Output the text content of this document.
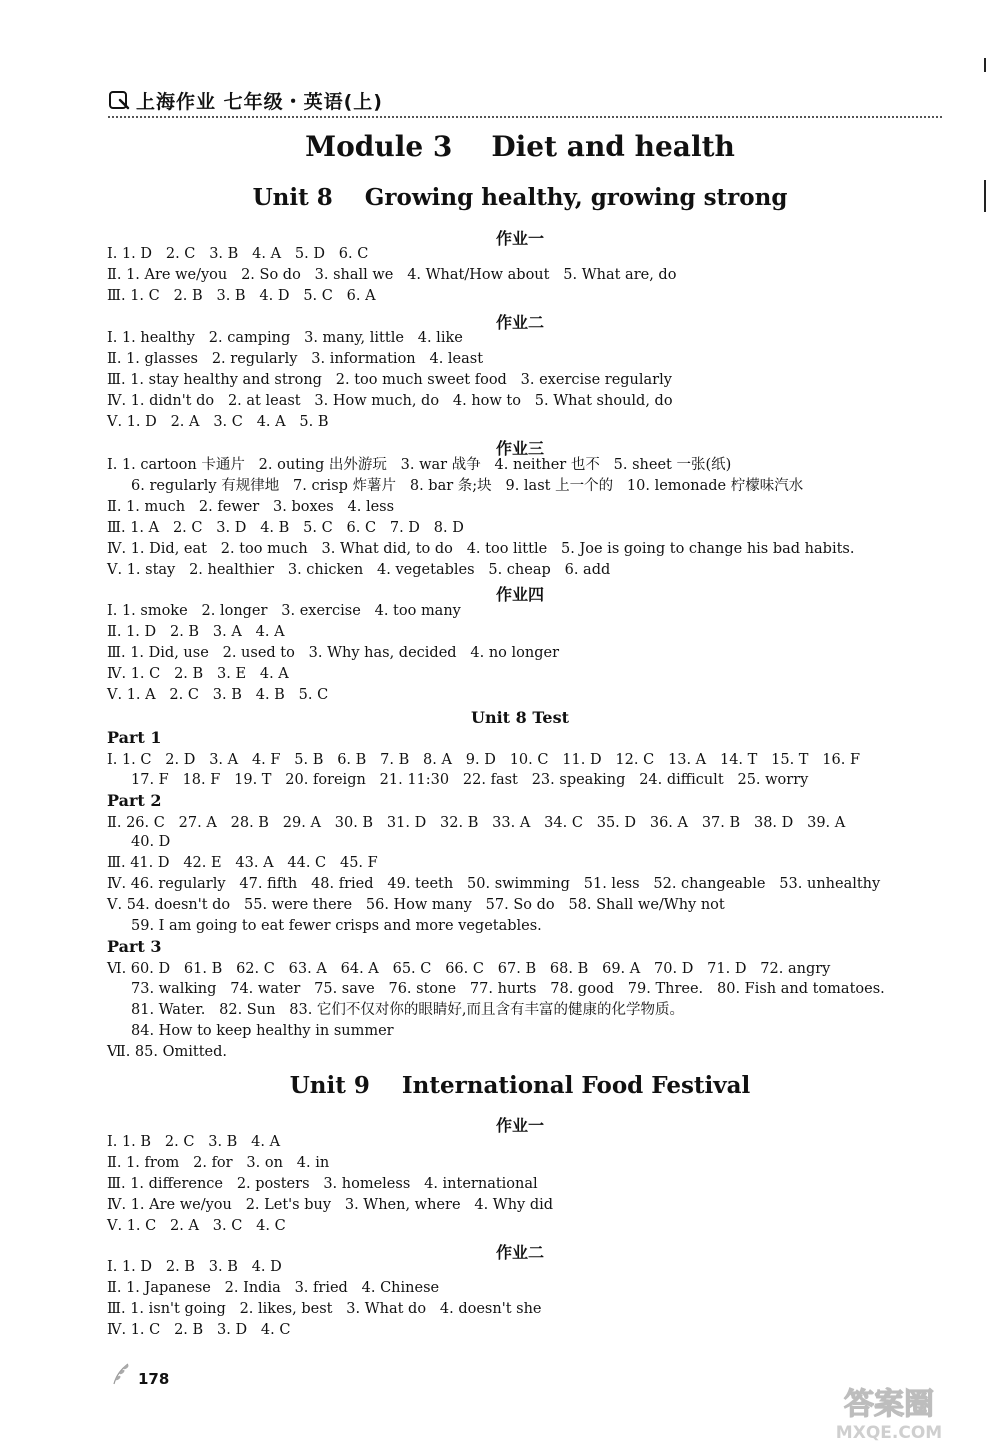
上海作业 七年级・英语(上)
Module 3    Diet and health
Unit 8    Growing healthy, growing strong
作业一
Ⅰ. 1. D   2. C   3. B   4. A   5. D   6. C
Ⅱ. 1. Are we/you   2. So do   3. shall we   4. What/How about   5. What are, do
Ⅲ. 1. C   2. B   3. B   4. D   5. C   6. A
作业二
Ⅰ. 1. healthy   2. camping   3. many, little   4. like
Ⅱ. 1. glasses   2. regularly   3. information   4. least
Ⅲ. 1. stay healthy and strong   2. too much sweet food   3. exercise regularly
Ⅳ. 1. didn't do   2. at least   3. How much, do   4. how to   5. What should, do
Ⅴ. 1. D   2. A   3. C   4. A   5. B
作业三
Ⅰ. 1. cartoon 卡通片   2. outing 出外游玩   3. war 战争   4. neither 也不   5. sheet 一张(纸)
6. regularly 有规律地   7. crisp 炸薯片   8. bar 条;块   9. last 上一个的   10. lemonade 柠檬味汽水
Ⅱ. 1. much   2. fewer   3. boxes   4. less
Ⅲ. 1. A   2. C   3. D   4. B   5. C   6. C   7. D   8. D
Ⅳ. 1. Did, eat   2. too much   3. What did, to do   4. too little   5. Joe is going to change his bad habits.
Ⅴ. 1. stay   2. healthier   3. chicken   4. vegetables   5. cheap   6. add
作业四
Ⅰ. 1. smoke   2. longer   3. exercise   4. too many
Ⅱ. 1. D   2. B   3. A   4. A
Ⅲ. 1. Did, use   2. used to   3. Why has, decided   4. no longer
Ⅳ. 1. C   2. B   3. E   4. A
Ⅴ. 1. A   2. C   3. B   4. B   5. C
Unit 8 Test
Part 1
Ⅰ. 1. C   2. D   3. A   4. F   5. B   6. B   7. B   8. A   9. D   10. C   11. D   12. C   13. A   14. T   15. T   16. F
17. F   18. F   19. T   20. foreign   21. 11:30   22. fast   23. speaking   24. difficult   25. worry
Part 2
Ⅱ. 26. C   27. A   28. B   29. A   30. B   31. D   32. B   33. A   34. C   35. D   36. A   37. B   38. D   39. A
40. D
Ⅲ. 41. D   42. E   43. A   44. C   45. F
Ⅳ. 46. regularly   47. fifth   48. fried   49. teeth   50. swimming   51. less   52. changeable   53. unhealthy
Ⅴ. 54. doesn't do   55. were there   56. How many   57. So do   58. Shall we/Why not
59. I am going to eat fewer crisps and more vegetables.
Part 3
Ⅵ. 60. D   61. B   62. C   63. A   64. A   65. C   66. C   67. B   68. B   69. A   70. D   71. D   72. angry
73. walking   74. water   75. save   76. stone   77. hurts   78. good   79. Three.   80. Fish and tomatoes.
81. Water.   82. Sun   83. 它们不仅对你的眼睛好,而且含有丰富的健康的化学物质。
84. How to keep healthy in summer
Ⅶ. 85. Omitted.
Unit 9    International Food Festival
作业一
Ⅰ. 1. B   2. C   3. B   4. A
Ⅱ. 1. from   2. for   3. on   4. in
Ⅲ. 1. difference   2. posters   3. homeless   4. international
Ⅳ. 1. Are we/you   2. Let's buy   3. When, where   4. Why did
Ⅴ. 1. C   2. A   3. C   4. C
作业二
Ⅰ. 1. D   2. B   3. B   4. D
Ⅱ. 1. Japanese   2. India   3. fried   4. Chinese
Ⅲ. 1. isn't going   2. likes, best   3. What do   4. doesn't she
Ⅳ. 1. C   2. B   3. D   4. C
178
答案圈
MXQE.COM
